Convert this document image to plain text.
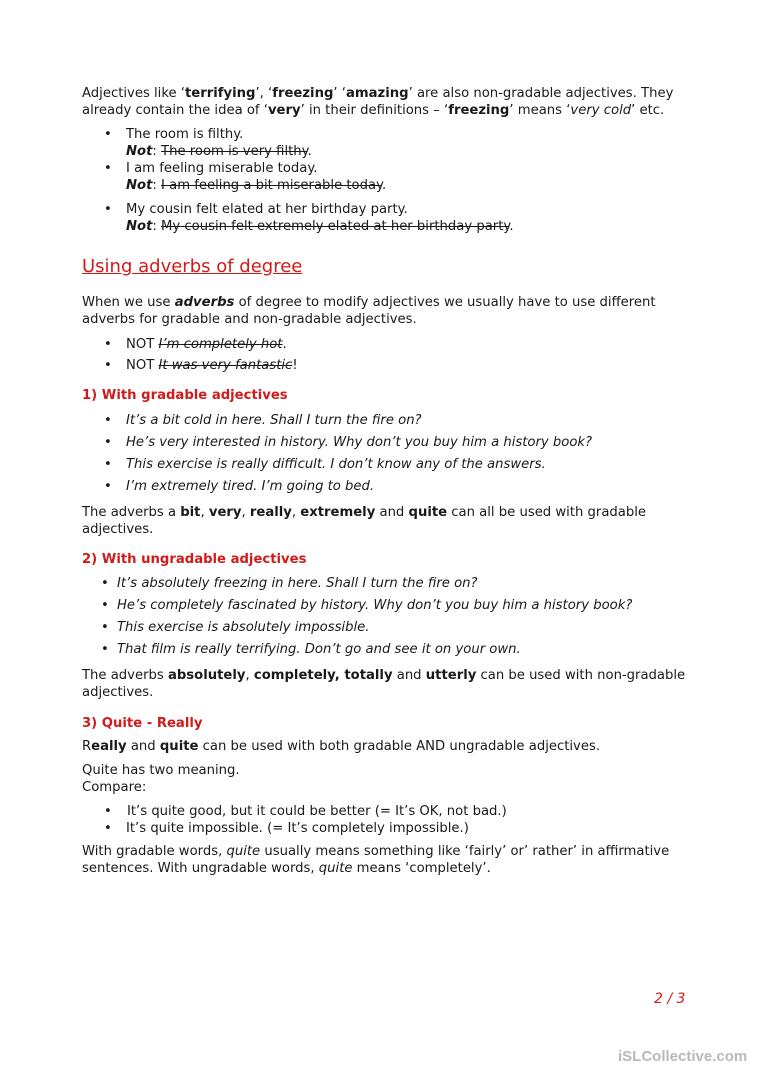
Adjectives like ‘terrifying’, ‘freezing’ ‘amazing’ are also non-gradable adjectives. They already contain the idea of ‘very’ in their definitions – ‘freezing’ means ‘very cold’ etc.

• The room is filthy.
Not: The room is very filthy.
• I am feeling miserable today.
Not: I am feeling a bit miserable today.
• My cousin felt elated at her birthday party.
Not: My cousin felt extremely elated at her birthday party.
Using adverbs of degree

When we use adverbs of degree to modify adjectives we usually have to use different adverbs for gradable and non-gradable adjectives.

• NOT I’m completely hot.
• NOT It was very fantastic!
1) With gradable adjectives
• It’s a bit cold in here. Shall I turn the fire on?
• He’s very interested in history. Why don’t you buy him a history book?
• This exercise is really difficult. I don’t know any of the answers.
• I’m extremely tired. I’m going to bed.

The adverbs a bit, very, really, extremely and quite can all be used with gradable adjectives.

2) With ungradable adjectives
• It’s absolutely freezing in here. Shall I turn the fire on?
• He’s completely fascinated by history. Why don’t you buy him a history book?
• This exercise is absolutely impossible.
• That film is really terrifying. Don’t go and see it on your own.

The adverbs absolutely, completely, totally and utterly can be used with non-gradable adjectives.

3) Quite - Really

Really and quite can be used with both gradable AND ungradable adjectives.

Quite has two meaning.
Compare:

• It’s quite good, but it could be better (= It’s OK, not bad.)
• It’s quite impossible. (= It’s completely impossible.)

With gradable words, quite usually means something like ‘fairly’ or’ rather’ in affirmative sentences. With ungradable words, quite means ‘completely’.

2 / 3
iSLCollective.com
